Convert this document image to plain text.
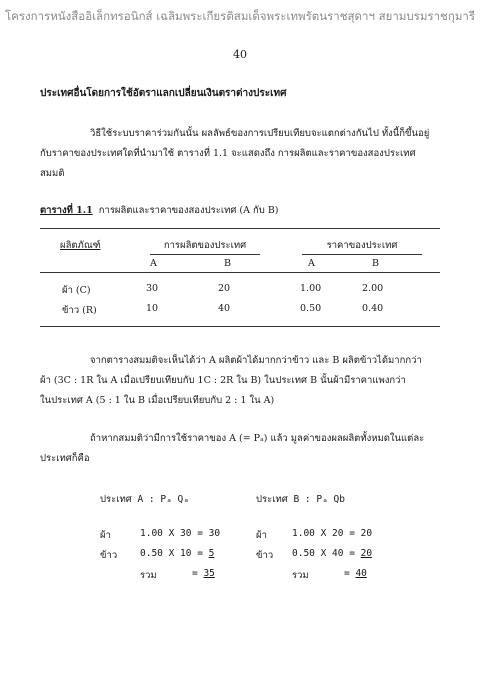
โครงการหนังสืออิเล็กทรอนิกส์ เฉลิมพระเกียรติสมเด็จพระเทพรัตนราชสุดาฯ สยามบรมราชกุมารี
40
ประเทศอื่นโดยการใช้อัตราแลกเปลี่ยนเงินตราต่างประเทศ
วิธีใช้ระบบราคาร่วมกันนั้น ผลลัพธ์ของการเปรียบเทียบจะแตกต่างกันไป ทั้งนี้ก็ขึ้นอยู่
กับราคาของประเทศใดที่นำมาใช้ ตารางที่ 1.1 จะแสดงถึง การผลิตและราคาของสองประเทศ
สมมติ
ตารางที่ 1.1 การผลิตและราคาของสองประเทศ (A กับ B)
ผลิตภัณฑ์	การผลิตของประเทศ	ราคาของประเทศ
A	B	A	B
ผ้า (C)	30	20	1.00	2.00
ข้าว (R)	10	40	0.50	0.40
จากตารางสมมติจะเห็นได้ว่า A ผลิตผ้าได้มากกว่าข้าว และ B ผลิตข้าวได้มากกว่า
ผ้า (3C : 1R ใน A เมื่อเปรียบเทียบกับ 1C : 2R ใน B) ในประเทศ B นั้นผ้ามีราคาแพงกว่า
ในประเทศ A (5 : 1 ใน B เมื่อเปรียบเทียบกับ 2 : 1 ใน A)
ถ้าหากสมมติว่ามีการใช้ราคาของ A (= Pₐ) แล้ว มูลค่าของผลผลิตทั้งหมดในแต่ละ
ประเทศก็คือ
ประเทศ A : Pₐ Qₐ
ผ้า	1.00 X 30 = 30
ข้าว 0.50 X 10 = 5
รวม	= 35
ประเทศ B : Pₐ Qb
ผ้า	1.00 X 20 = 20
ข้าว 0.50 X 40 = 20
รวม	= 40
